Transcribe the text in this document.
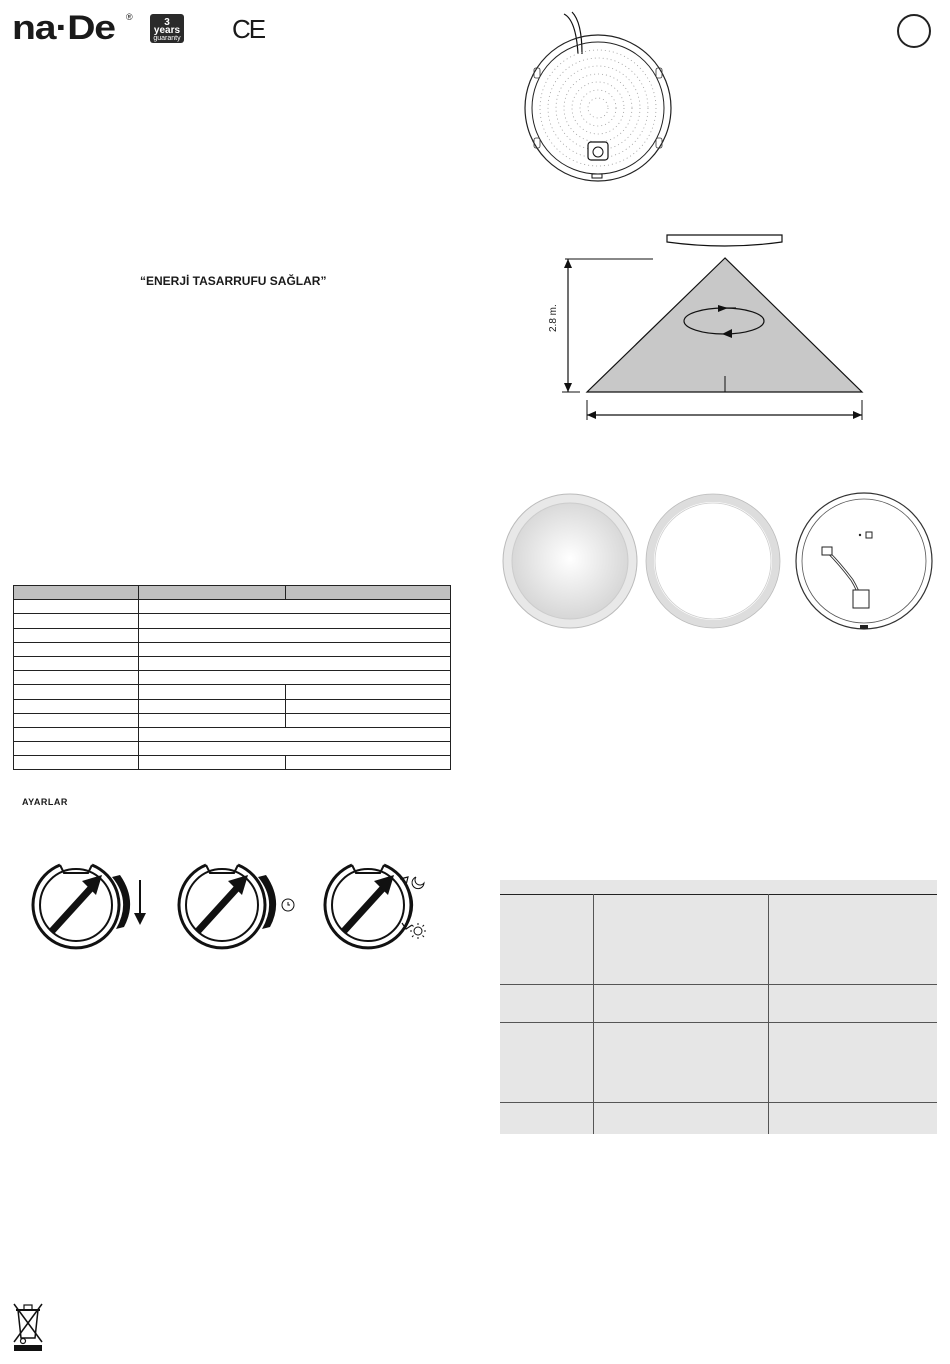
na·De ®	3 years
guaranty CE
“ENERJİ TASARRUFU SAĞLAR”

AYARLAR
2.8 m.
